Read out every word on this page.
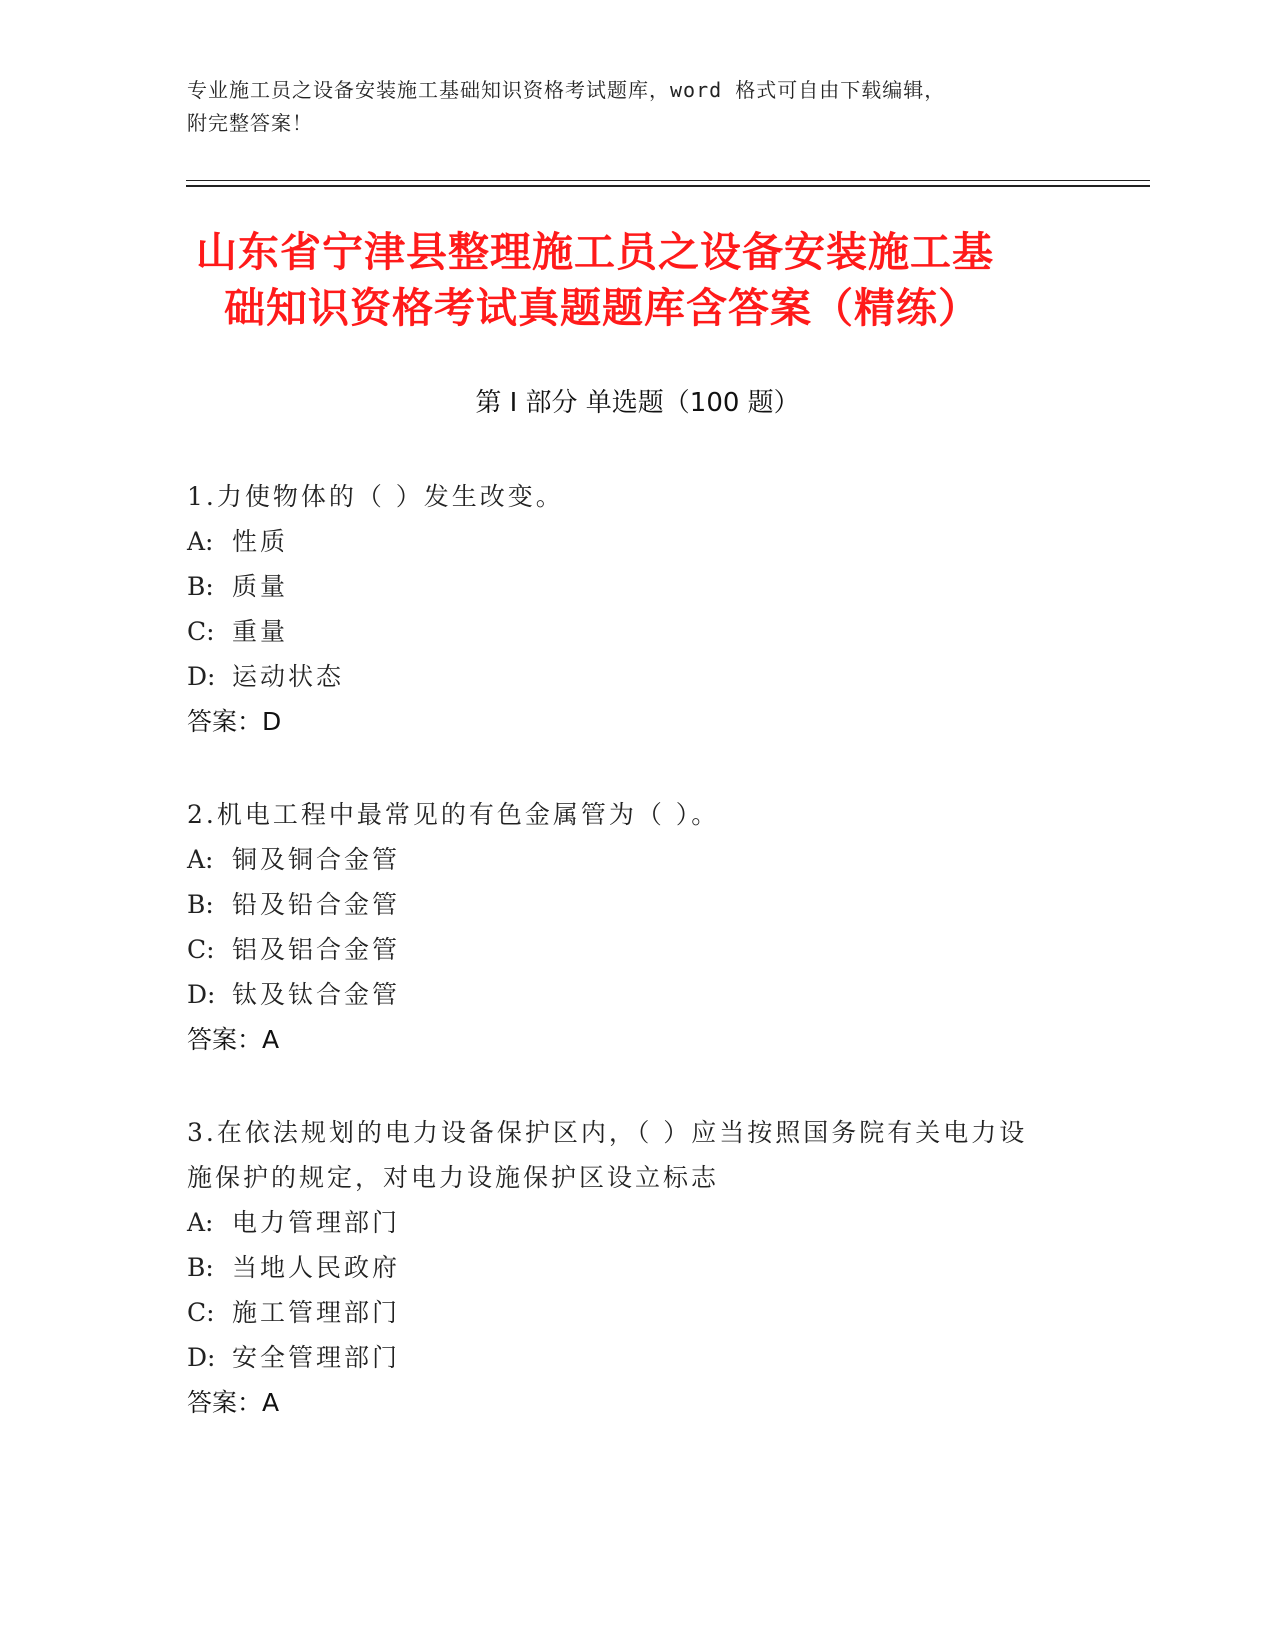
专业施工员之设备安装施工基础知识资格考试题库，word 格式可自由下载编辑，
附完整答案！
山东省宁津县整理施工员之设备安装施工基
础知识资格考试真题题库含答案（精练）
第 I 部分 单选题（100 题）

1.力使物体的（ ）发生改变。

A: 性质

B: 质量

C: 重量

D: 运动状态

答案：D

2.机电工程中最常见的有色金属管为（ ）。

A: 铜及铜合金管

B: 铅及铅合金管

C: 铝及铝合金管

D: 钛及钛合金管

答案：A

3.在依法规划的电力设备保护区内，（ ）应当按照国务院有关电力设

施保护的规定，对电力设施保护区设立标志

A: 电力管理部门

B: 当地人民政府

C: 施工管理部门

D: 安全管理部门

答案：A
